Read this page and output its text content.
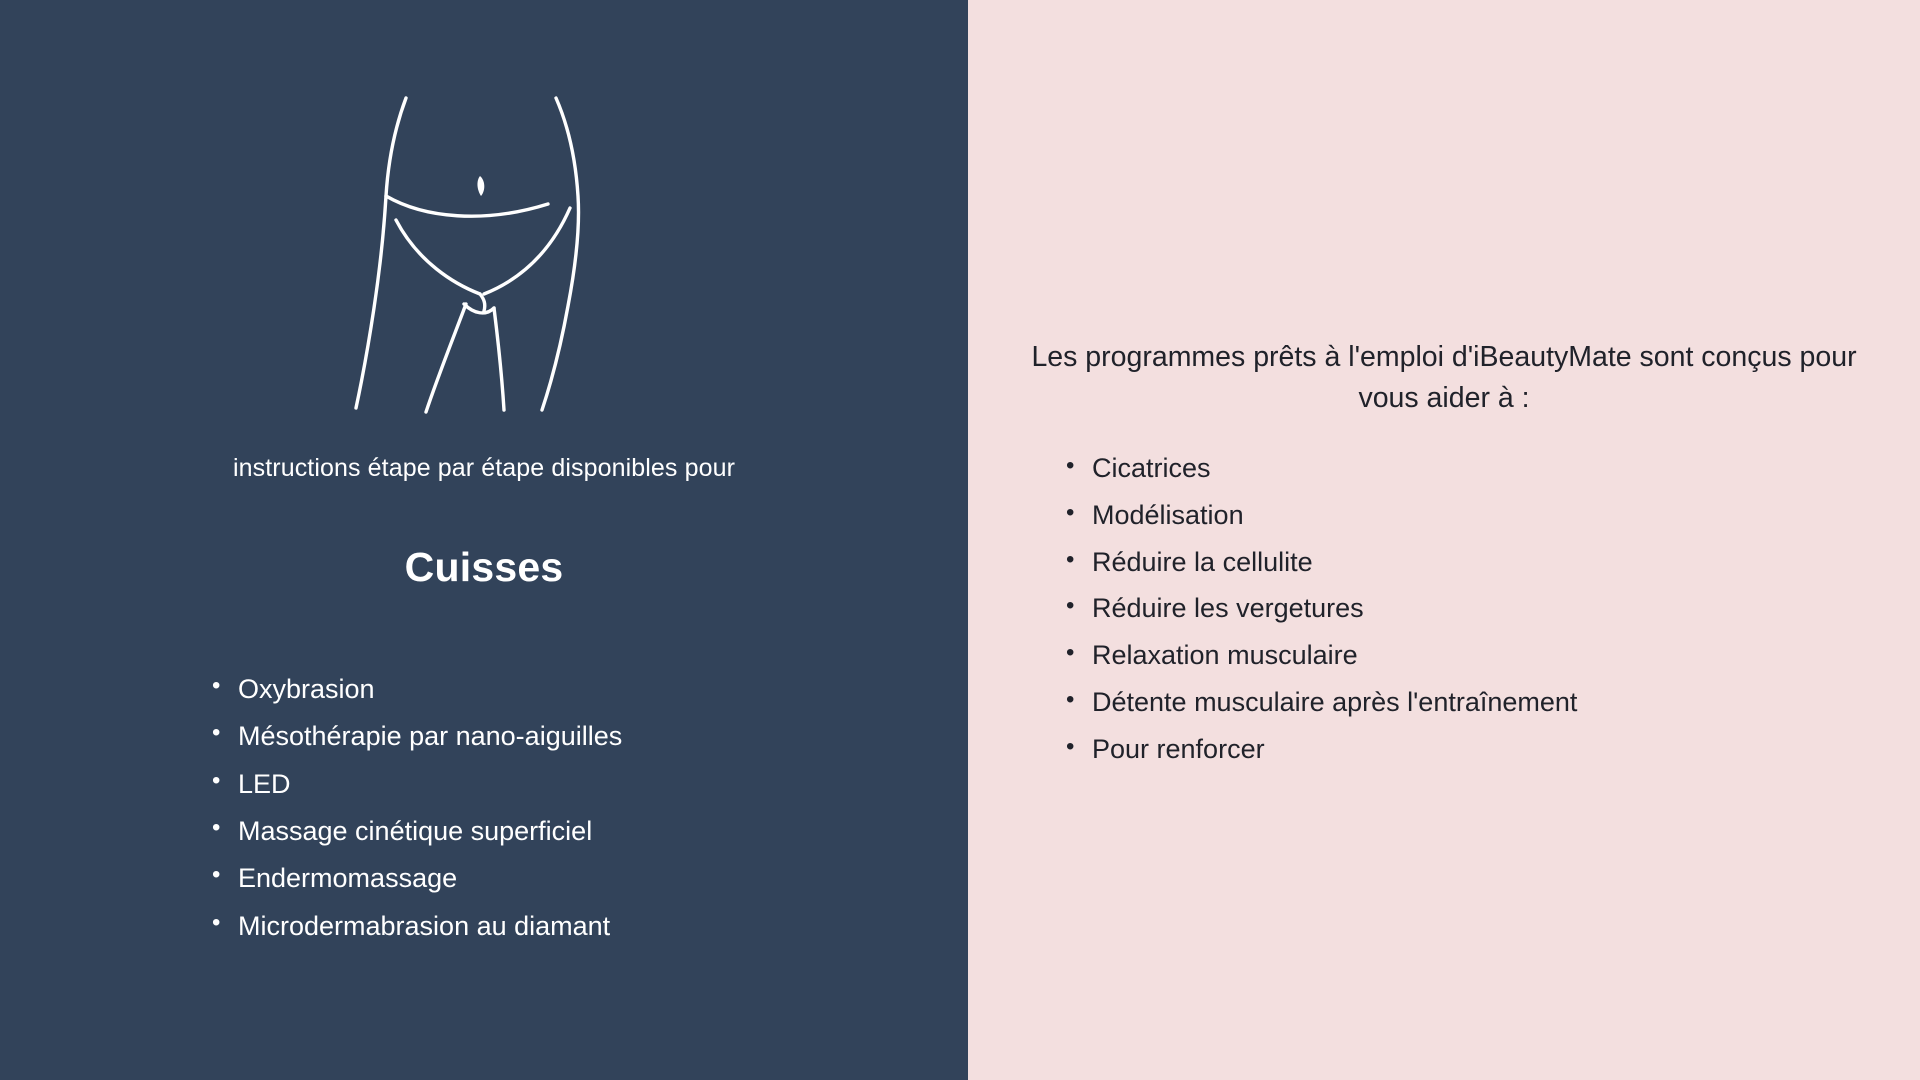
instructions étape par étape disponibles pour

Cuisses
• Oxybrasion
• Mésothérapie par nano-aiguilles
• LED
• Massage cinétique superficiel
• Endermomassage
• Microdermabrasion au diamant

Les programmes prêts à l'emploi d'iBeautyMate sont conçus pour vous aider à :

• Cicatrices
• Modélisation
• Réduire la cellulite
• Réduire les vergetures
• Relaxation musculaire
• Détente musculaire après l'entraînement
• Pour renforcer
